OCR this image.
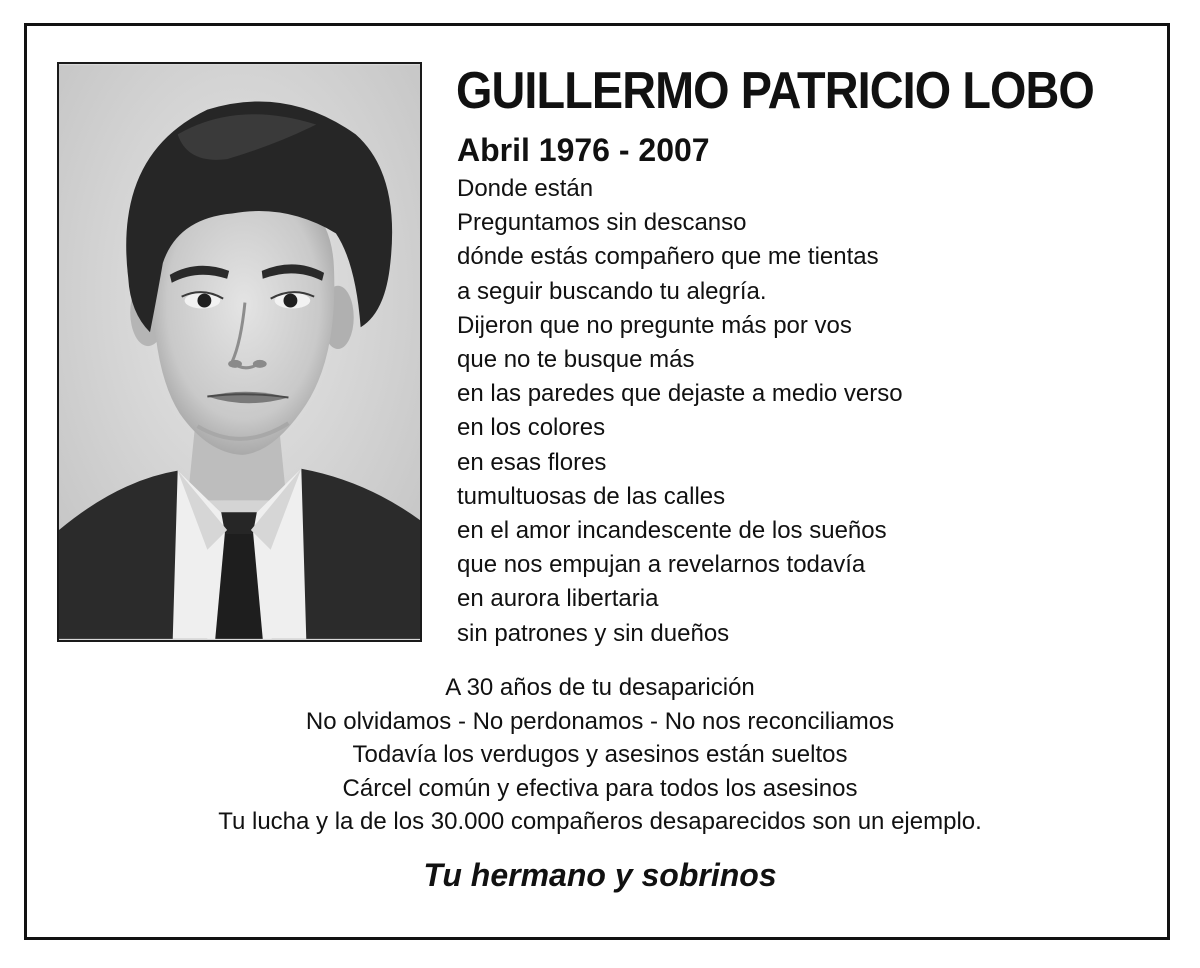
GUILLERMO PATRICIO LOBO
Abril 1976 - 2007
Donde están
Preguntamos sin descanso
dónde estás compañero que me tientas
a seguir buscando tu alegría.
Dijeron que no pregunte más por vos
que no te busque más
en las paredes que dejaste a medio verso
en los colores
en esas flores
tumultuosas de las calles
en el amor incandescente de los sueños
que nos empujan a revelarnos todavía
en aurora libertaria
sin patrones y sin dueños
A 30 años de tu desaparición
No olvidamos - No perdonamos - No nos reconciliamos
Todavía los verdugos y asesinos están sueltos
Cárcel común y efectiva para todos los asesinos
Tu lucha y la de los 30.000 compañeros desaparecidos son un ejemplo.

Tu hermano y sobrinos
